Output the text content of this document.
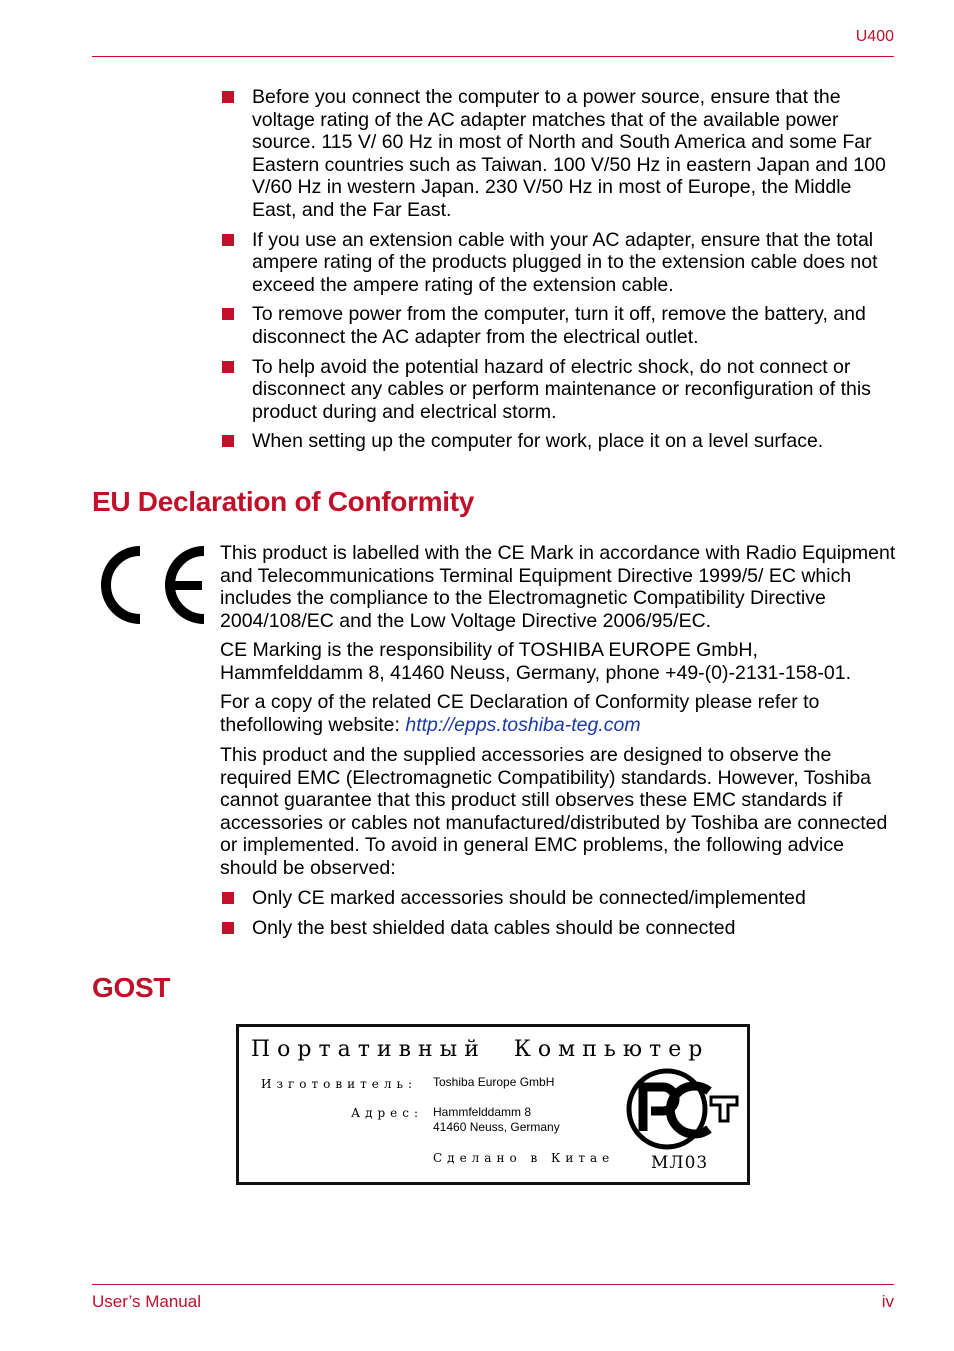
U400
Before you connect the computer to a power source, ensure that the voltage rating of the AC adapter matches that of the available power source. 115 V/ 60 Hz in most of North and South America and some Far Eastern countries such as Taiwan. 100 V/50 Hz in eastern Japan and 100 V/60 Hz in western Japan. 230 V/50 Hz in most of Europe, the Middle East, and the Far East.
If you use an extension cable with your AC adapter, ensure that the total ampere rating of the products plugged in to the extension cable does not exceed the ampere rating of the extension cable.
To remove power from the computer, turn it off, remove the battery, and disconnect the AC adapter from the electrical outlet.
To help avoid the potential hazard of electric shock, do not connect or disconnect any cables or perform maintenance or reconfiguration of this product during and electrical storm.
When setting up the computer for work, place it on a level surface.
EU Declaration of Conformity

This product is labelled with the CE Mark in accordance with Radio Equipment and Telecommunications Terminal Equipment Directive 1999/5/ EC which includes the compliance to the Electromagnetic Compatibility Directive 2004/108/EC and the Low Voltage Directive 2006/95/EC.

CE Marking is the responsibility of TOSHIBA EUROPE GmbH, Hammfelddamm 8, 41460 Neuss, Germany, phone +49-(0)-2131-158-01.

For a copy of the related CE Declaration of Conformity please refer to thefollowing website: http://epps.toshiba-teg.com

This product and the supplied accessories are designed to observe the required EMC (Electromagnetic Compatibility) standards. However, Toshiba cannot guarantee that this product still observes these EMC standards if accessories or cables not manufactured/distributed by Toshiba are connected or implemented. To avoid in general EMC problems, the following advice should be observed:

Only CE marked accessories should be connected/implemented
Only the best shielded data cables should be connected
GOST
Портативный Компьютер
Изготовитель: Toshiba Europe GmbH
Адрес: Hammfelddamm 8
41460 Neuss, Germany
Сделано в Китае МЛ03
User’s Manual	iv
